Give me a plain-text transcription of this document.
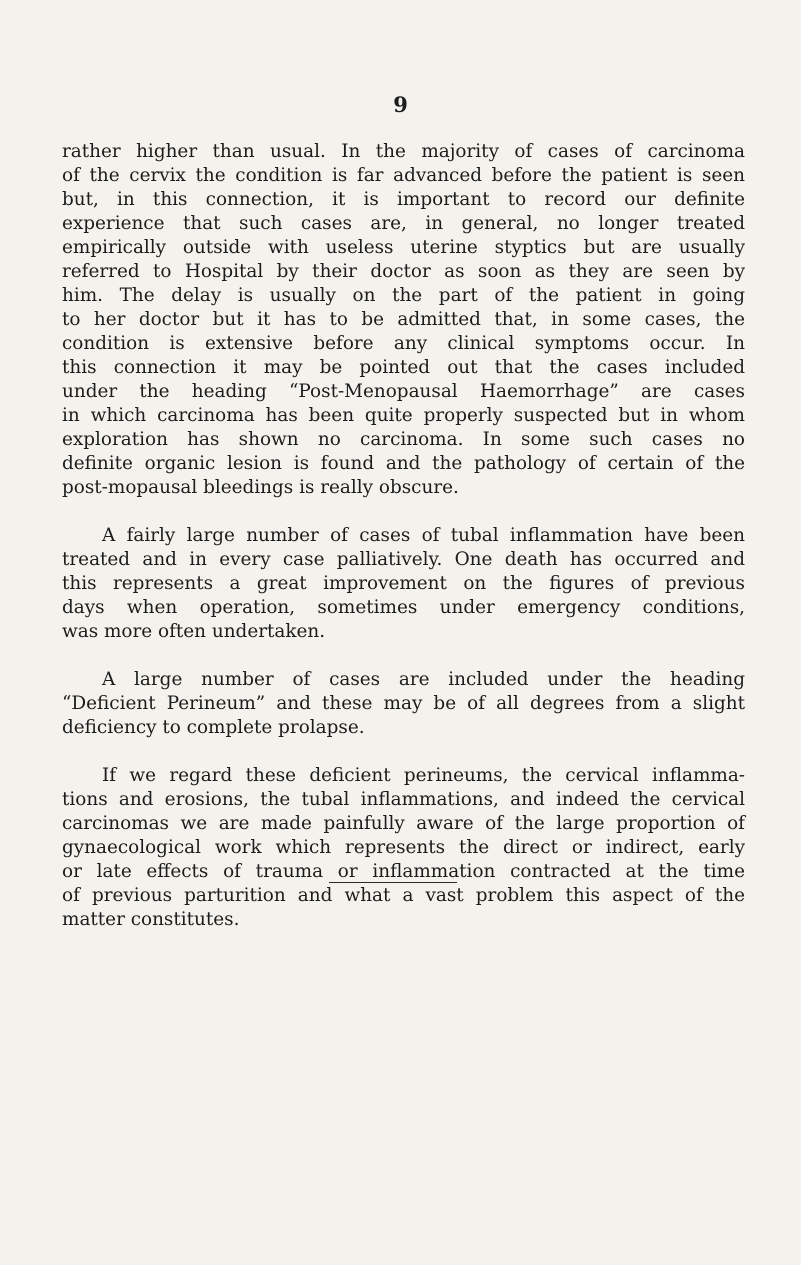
9
rather higher than usual. In the majority of cases of carcinoma
of the cervix the condition is far advanced before the patient is seen
but, in this connection, it is important to record our definite
experience that such cases are, in general, no longer treated
empirically outside with useless uterine styptics but are usually
referred to Hospital by their doctor as soon as they are seen by
him. The delay is usually on the part of the patient in going
to her doctor but it has to be admitted that, in some cases, the
condition is extensive before any clinical symptoms occur. In
this connection it may be pointed out that the cases included
under the heading “Post-Menopausal Haemorrhage” are cases
in which carcinoma has been quite properly suspected but in whom
exploration has shown no carcinoma. In some such cases no
definite organic lesion is found and the pathology of certain of the
post-mopausal bleedings is really obscure.
A fairly large number of cases of tubal inflammation have been
treated and in every case palliatively. One death has occurred and
this represents a great improvement on the figures of previous
days when operation, sometimes under emergency conditions,
was more often undertaken.
A large number of cases are included under the heading
“Deficient Perineum” and these may be of all degrees from a slight
deficiency to complete prolapse.
If we regard these deficient perineums, the cervical inflamma-
tions and erosions, the tubal inflammations, and indeed the cervical
carcinomas we are made painfully aware of the large proportion of
gynaecological work which represents the direct or indirect, early
or late effects of trauma or inflammation contracted at the time
of previous parturition and what a vast problem this aspect of the
matter constitutes.
